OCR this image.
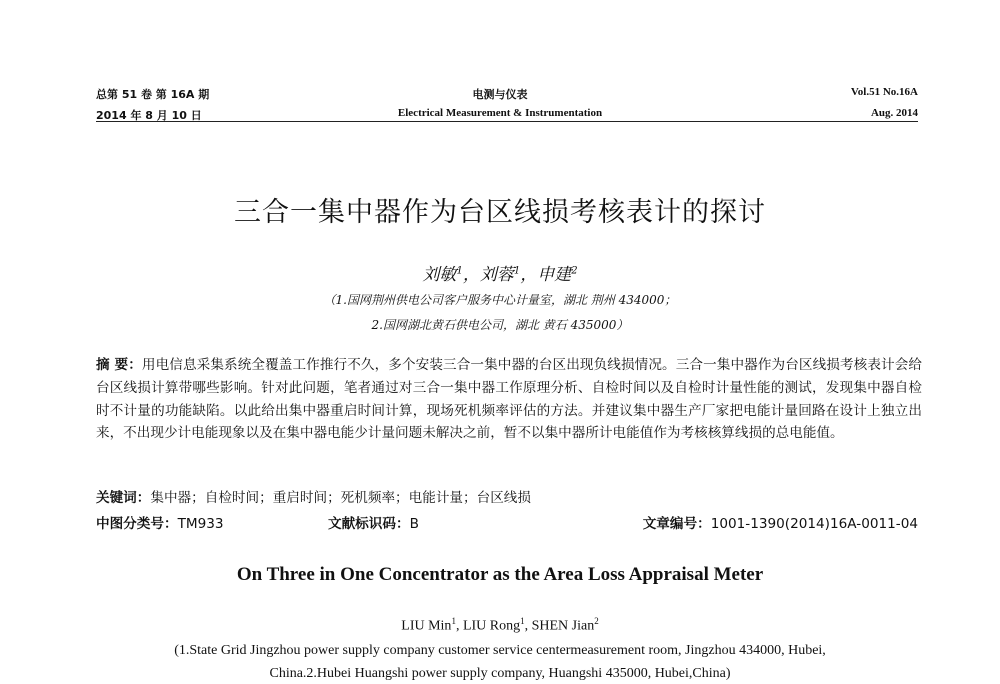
总第 51 卷 第 16A 期
2014 年 8 月 10 日
电测与仪表
Electrical Measurement & Instrumentation
Vol.51 No.16A
Aug. 2014
三合一集中器作为台区线损考核表计的探讨
刘敏$^1$，刘蓉$^1$，申建$^2$
（1.国网荆州供电公司客户服务中心计量室，湖北 荆州 434000；
2.国网湖北黄石供电公司，湖北 黄石 435000）
摘 要：用电信息采集系统全覆盖工作推行不久，多个安装三合一集中器的台区出现负线损情况。三合一集中器作为台区线损考核表计会给台区线损计算带哪些影响。针对此问题，笔者通过对三合一集中器工作原理分析、自检时间以及自检时计量性能的测试，发现集中器自检时不计量的功能缺陷。以此给出集中器重启时间计算，现场死机频率评估的方法。并建议集中器生产厂家把电能计量回路在设计上独立出来，不出现少计电能现象以及在集中器电能少计量问题未解决之前，暂不以集中器所计电能值作为考核核算线损的总电能值。
关键词：集中器；自检时间；重启时间；死机频率；电能计量；台区线损
中图分类号：TM933	文献标识码：B	文章编号：1001-1390(2014)16A-0011-04
On Three in One Concentrator as the Area Loss Appraisal Meter
LIU Min$^1$, LIU Rong$^1$, SHEN Jian$^2$
(1.State Grid Jingzhou power supply company customer service centermeasurement room, Jingzhou 434000, Hubei,
China.2.Hubei Huangshi power supply company, Huangshi 435000, Hubei,China)
